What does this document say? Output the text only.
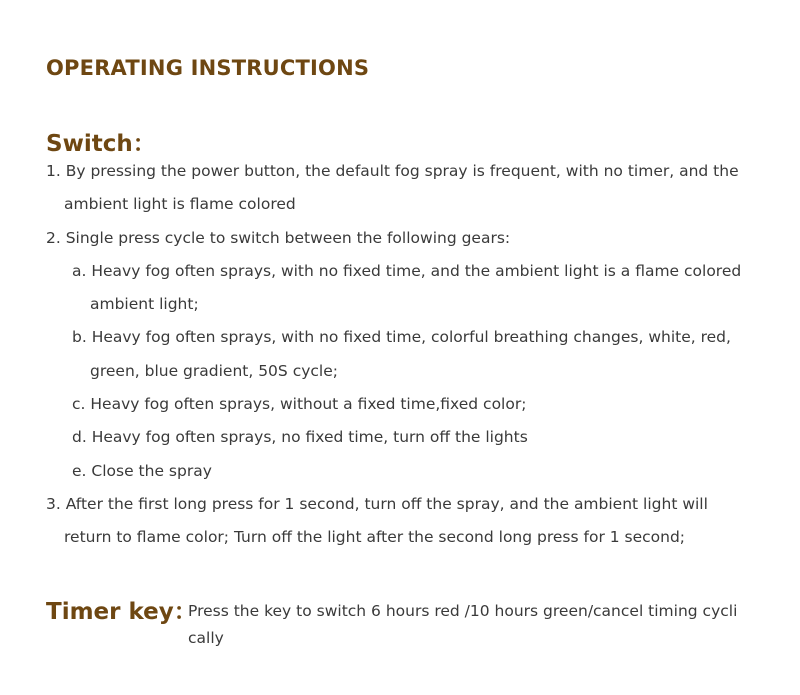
OPERATING INSTRUCTIONS
Switch：
1. By pressing the power button, the default fog spray is frequent, with no timer, and the
ambient light is flame colored
2. Single press cycle to switch between the following gears:
a. Heavy fog often sprays, with no fixed time, and the ambient light is a flame colored
ambient light;
b. Heavy fog often sprays, with no fixed time, colorful breathing changes, white, red,
green, blue gradient, 50S cycle;
c. Heavy fog often sprays, without a fixed time,fixed color;
d. Heavy fog often sprays, no fixed time, turn off the lights
e. Close the spray
3. After the first long press for 1 second, turn off the spray, and the ambient light will
return to flame color; Turn off the light after the second long press for 1 second;
Timer key：
Press the key to switch 6 hours red /10 hours green/cancel timing cycli
cally
